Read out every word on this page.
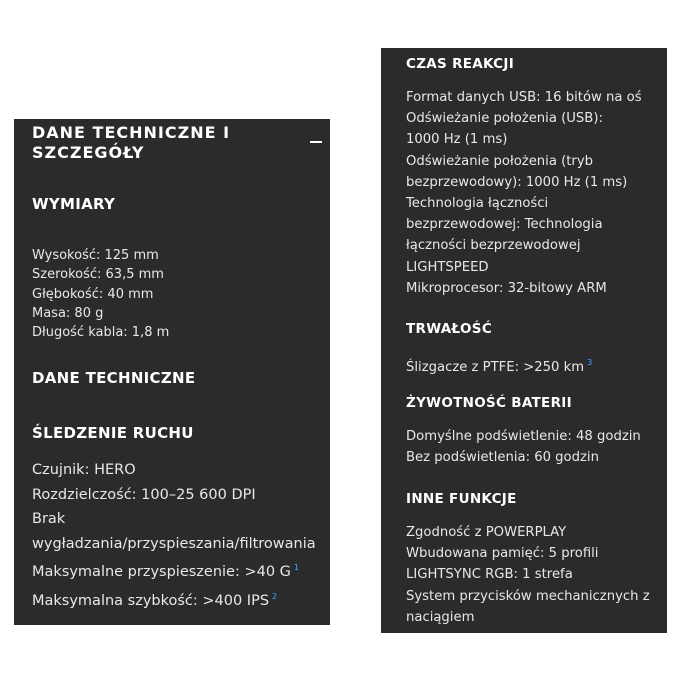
DANE TECHNICZNE I SZCZEGÓŁY
WYMIARY
Wysokość: 125 mm
Szerokość: 63,5 mm
Głębokość: 40 mm
Masa: 80 g
Długość kabla: 1,8 m
DANE TECHNICZNE
ŚLEDZENIE RUCHU
Czujnik: HERO
Rozdzielczość: 100–25 600 DPI
Brak
wygładzania/przyspieszania/filtrowania
Maksymalne przyspieszenie: >40 G $^1$
Maksymalna szybkość: >400 IPS $^2$
CZAS REAKCJI
Format danych USB: 16 bitów na oś
Odświeżanie położenia (USB):
1000 Hz (1 ms)
Odświeżanie położenia (tryb
bezprzewodowy): 1000 Hz (1 ms)
Technologia łączności
bezprzewodowej: Technologia
łączności bezprzewodowej
LIGHTSPEED
Mikroprocesor: 32-bitowy ARM
TRWAŁOŚĆ
Ślizgacze z PTFE: >250 km $^3$
ŻYWOTNOŚĆ BATERII
Domyślne podświetlenie: 48 godzin
Bez podświetlenia: 60 godzin
INNE FUNKCJE
Zgodność z POWERPLAY
Wbudowana pamięć: 5 profili
LIGHTSYNC RGB: 1 strefa
System przycisków mechanicznych z
naciągiem
